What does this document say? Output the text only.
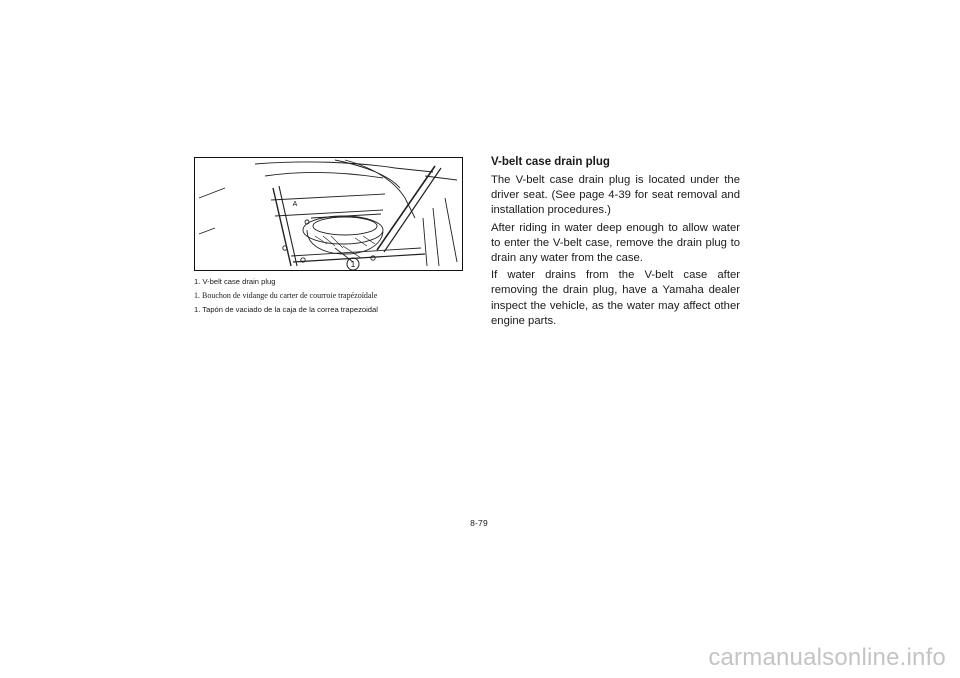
1
A
1. V-belt case drain plug
1. Bouchon de vidange du carter de courroie trapézoïdale
1. Tapón de vaciado de la caja de la correa trapezoidal
V-belt case drain plug

The V-belt case drain plug is located under the driver seat. (See page 4-39 for seat removal and installation procedures.)

After riding in water deep enough to allow water to enter the V-belt case, remove the drain plug to drain any water from the case.

If water drains from the V-belt case after removing the drain plug, have a Yamaha dealer inspect the vehicle, as the water may affect other engine parts.

8-79
carmanualsonline.info
